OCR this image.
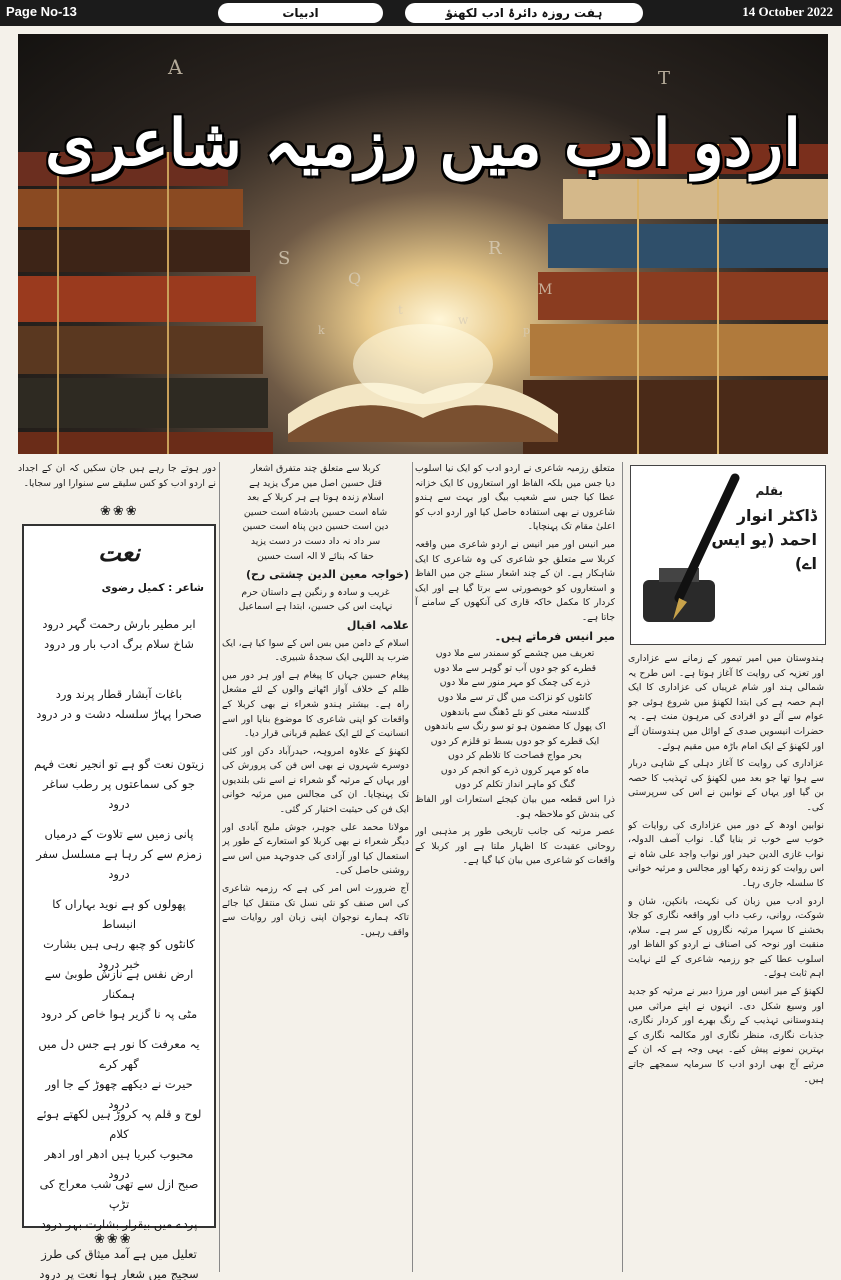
Page No-13	ادبیات	ہفت روزہ دائرۂ ادب لکھنؤ	14 October 2022
S
Q
R
M
t
w
k	p
A	T
اردو ادب میں رزمیہ شاعری
بقلم
ڈاکٹر انوار احمد (یو ایس اے)

ہندوستان میں امیر تیمور کے زمانے سے عزاداری اور تعزیہ کی روایت کا آغاز ہوتا ہے۔ اس طرح یہ شمالی ہند اور شام غریباں کی عزاداری کا ایک اہم حصہ ہے کی ابتدا لکھنؤ میں شروع ہوئی جو عوام سے آئے دو افرادی کی مرہون منت ہے۔ یہ حضرات انیسویں صدی کے اوائل میں ہندوستان آئے اور لکھنؤ کے ایک امام باڑہ میں مقیم ہوئے۔

عزاداری کی روایت کا آغاز دہلی کے شاہی دربار سے ہوا تھا جو بعد میں لکھنؤ کی تہذیب کا حصہ بن گیا اور یہاں کے نوابین نے اس کی سرپرستی کی۔

نوابین اودھ کے دور میں عزاداری کی روایات کو خوب سے خوب تر بنایا گیا۔ نواب آصف الدولہ، نواب غازی الدین حیدر اور نواب واجد علی شاہ نے اس روایت کو زندہ رکھا اور مجالس و مرثیہ خوانی کا سلسلہ جاری رہا۔

اردو ادب میں زبان کی نکہت، بانکپن، شان و شوکت، روانی، رعب داب اور واقعہ نگاری کو جلا بخشنے کا سہرا مرثیہ نگاروں کے سر ہے۔ سلام، منقبت اور نوحہ کی اصناف نے اردو کو الفاظ اور اسلوب عطا کیے جو رزمیہ شاعری کے لئے نہایت اہم ثابت ہوئے۔

لکھنؤ کے میر انیس اور مرزا دبیر نے مرثیہ کو جدید اور وسیع شکل دی۔ انہوں نے اپنے مراثی میں ہندوستانی تہذیب کے رنگ بھرے اور کردار نگاری، جذبات نگاری، منظر نگاری اور مکالمہ نگاری کے بہترین نمونے پیش کیے۔ یہی وجہ ہے کہ ان کے مرثیے آج بھی اردو ادب کا سرمایہ سمجھے جاتے ہیں۔

متعلق رزمیہ شاعری نے اردو ادب کو ایک نیا اسلوب دیا جس میں بلکہ الفاظ اور استعاروں کا ایک خزانہ عطا کیا جس سے شعیب بیگ اور بہت سے ہندو شاعروں نے بھی استفادہ حاصل کیا اور اردو ادب کو اعلیٰ مقام تک پہنچایا۔

میر انیس اور میر انیس نے اردو شاعری میں واقعہ کربلا سے متعلق جو شاعری کی وہ شاعری کا ایک شاہکار ہے۔ ان کے چند اشعار سنئے جن میں الفاظ و استعاروں کو خوبصورتی سے برتا گیا ہے اور ایک کردار کا مکمل خاکہ قاری کی آنکھوں کے سامنے آ جاتا ہے۔

میر انیس فرماتے ہیں۔

تعریف میں چشمے کو سمندر سے ملا دوں
قطرے کو جو دوں آب تو گوہر سے ملا دوں
ذرے کی چمک کو مہر منور سے ملا دوں
کانٹوں کو نزاکت میں گل تر سے ملا دوں
گلدستہ معنی کو نئے ڈھنگ سے باندھوں
اک پھول کا مضمون ہو تو سو رنگ سے باندھوں
ایک قطرے کو جو دوں بسط تو قلزم کر دوں
بحر مواج فصاحت کا تلاطم کر دوں
ماہ کو مہر کروں ذرے کو انجم کر دوں
گنگ کو ماہر انداز تکلم کر دوں

ذرا اس قطعہ میں بیان کیجئے استعارات اور الفاظ کی بندش کو ملاحظہ ہو۔

عصر مرتبہ کی جانب تاریخی طور پر مذہبی اور روحانی عقیدت کا اظہار ملتا ہے اور کربلا کے واقعات کو شاعری میں بیان کیا گیا ہے۔

کربلا سے متعلق چند متفرق اشعار
قتل حسین اصل میں مرگ یزید ہے
اسلام زندہ ہوتا ہے ہر کربلا کے بعد
شاہ است حسین بادشاہ است حسین
دین است حسین دین پناہ است حسین
سر داد نہ داد دست در دست یزید
حقا کہ بنائے لا الہ است حسین

(خواجہ معین الدین چشتی رح)

غریب و سادہ و رنگین ہے داستان حرم
نہایت اس کی حسین، ابتدا ہے اسماعیل

علامہ اقبال

اسلام کے دامن میں بس اس کے سوا کیا ہے، ایک ضرب ید اللہی ایک سجدۂ شبیری۔

پیغام حسین جہاں کا پیغام ہے اور ہر دور میں ظلم کے خلاف آواز اٹھانے والوں کے لئے مشعل راہ ہے۔ بیشتر ہندو شعراء نے بھی کربلا کے واقعات کو اپنی شاعری کا موضوع بنایا اور اسے انسانیت کے لئے ایک عظیم قربانی قرار دیا۔

لکھنؤ کے علاوہ امروہہ، حیدرآباد دکن اور کئی دوسرے شہروں نے بھی اس فن کی پرورش کی اور یہاں کے مرثیہ گو شعراء نے اسے نئی بلندیوں تک پہنچایا۔ ان کی مجالس میں مرثیہ خوانی ایک فن کی حیثیت اختیار کر گئی۔

مولانا محمد علی جوہر، جوش ملیح آبادی اور دیگر شعراء نے بھی کربلا کو استعارے کے طور پر استعمال کیا اور آزادی کی جدوجہد میں اس سے روشنی حاصل کی۔

آج ضرورت اس امر کی ہے کہ رزمیہ شاعری کی اس صنف کو نئی نسل تک منتقل کیا جائے تاکہ ہمارے نوجوان اپنی زبان اور روایات سے واقف رہیں۔

دور ہوتے جا رہے ہیں جان سکیں کہ ان کے اجداد نے اردو ادب کو کس سلیقے سے سنوارا اور سجایا۔

❀❀❀
نعت
شاعر : کمیل رضوی
ابر مطیر بارش رحمت گہر درود
شاخ سلام برگ ادب بار ور درود
باغات آبشار قطار پرند ورد
صحرا پہاڑ سلسلہ دشت و در درود
زیتون نعت گو ہے تو انجیر نعت فہم
جو کی سماعتوں پر رطب ساغر درود
پانی زمیں سے تلاوت کے درمیاں
زمزم سے کر رہا ہے مسلسل سفر درود
پھولوں کو ہے نوید بہاراں کا انبساط
کانٹوں کو چبھ رہی ہیں بشارت خبر درود
ارض نفس ہے نازش طوبیٰ سے ہمکنار
مٹی پہ نا گزیر ہوا خاص کر درود
یہ معرفت کا نور ہے جس دل میں گھر کرے
حیرت نے دیکھے چھوڑ کے جا اور درود
لوح و قلم پہ کروڑ ہیں لکھتے ہوئے کلام
محبوب کبریا ہیں ادھر اور ادھر درود
صبح ازل سے تھی شب معراج کی تڑپ
پردے میں بیقرار بشارت بہر درود
تعلیل میں ہے آمد میثاق کی طرز
سجیج میں شعار ہوا نعت پر درود
❀❀❀
